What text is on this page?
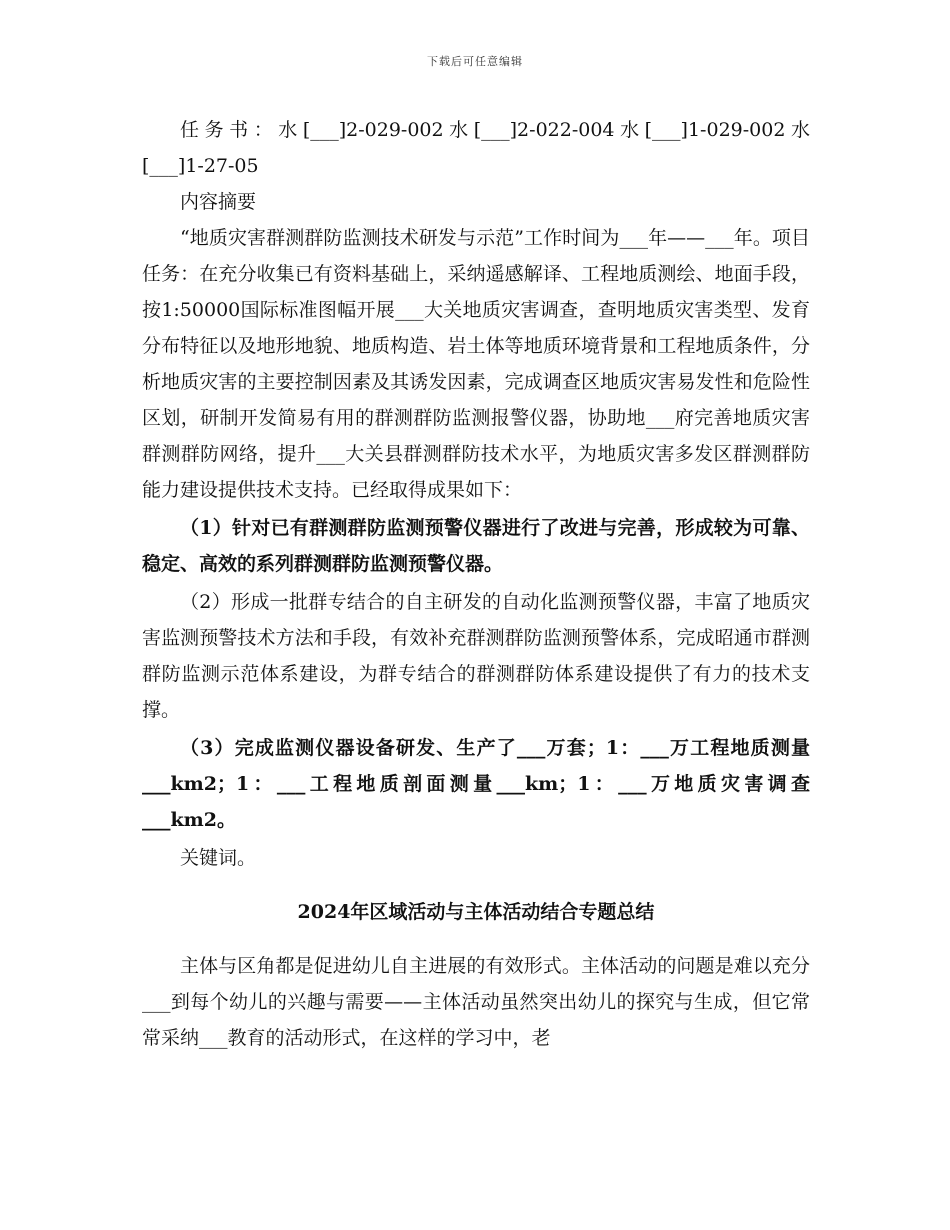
下载后可任意编辑

任务书：水[___]2-029-002水[___]2-022-004水[___]1-029-002水[___]1-27-05

内容摘要

“地质灾害群测群防监测技术研发与示范”工作时间为___年——___年。项目任务：在充分收集已有资料基础上，采纳遥感解译、工程地质测绘、地面手段，按1:50000国际标准图幅开展___大关地质灾害调查，查明地质灾害类型、发育分布特征以及地形地貌、地质构造、岩土体等地质环境背景和工程地质条件，分析地质灾害的主要控制因素及其诱发因素，完成调查区地质灾害易发性和危险性区划，研制开发简易有用的群测群防监测报警仪器，协助地___府完善地质灾害群测群防网络，提升___大关县群测群防技术水平，为地质灾害多发区群测群防能力建设提供技术支持。已经取得成果如下：

（1）针对已有群测群防监测预警仪器进行了改进与完善，形成较为可靠、稳定、高效的系列群测群防监测预警仪器。

（2）形成一批群专结合的自主研发的自动化监测预警仪器，丰富了地质灾害监测预警技术方法和手段，有效补充群测群防监测预警体系，完成昭通市群测群防监测示范体系建设，为群专结合的群测群防体系建设提供了有力的技术支撑。

（3）完成监测仪器设备研发、生产了___万套；1：___万工程地质测量___km2；1：___工程地质剖面测量___km；1：___万地质灾害调查___km2。

关键词。

2024年区域活动与主体活动结合专题总结

主体与区角都是促进幼儿自主进展的有效形式。主体活动的问题是难以充分___到每个幼儿的兴趣与需要——主体活动虽然突出幼儿的探究与生成，但它常常采纳___教育的活动形式，在这样的学习中，老
